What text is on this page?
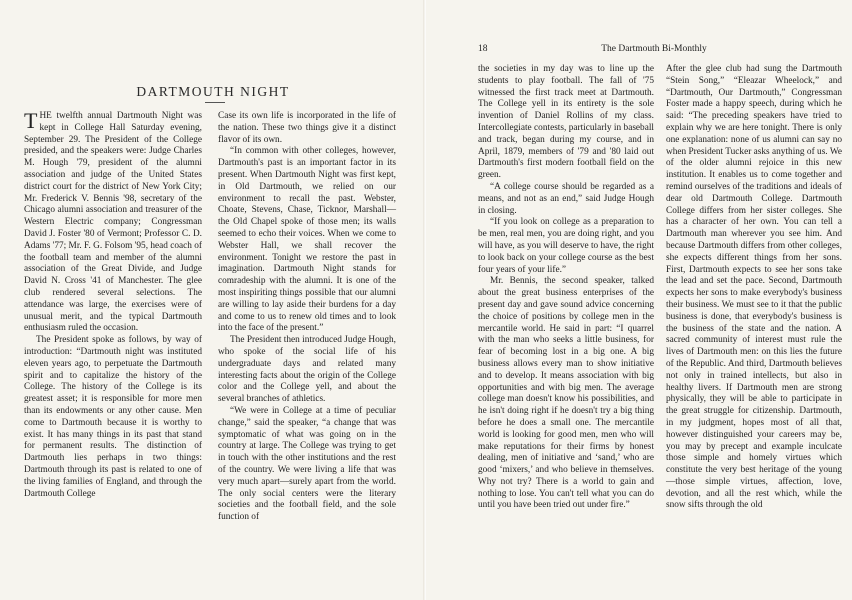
DARTMOUTH NIGHT

THE twelfth annual Dartmouth Night was kept in College Hall Saturday evening, September 29. The President of the College presided, and the speakers were: Judge Charles M. Hough '79, president of the alumni association and judge of the United States district court for the district of New York City; Mr. Frederick V. Bennis '98, secretary of the Chicago alumni association and treasurer of the Western Electric company; Congressman David J. Foster '80 of Vermont; Professor C. D. Adams '77; Mr. F. G. Folsom '95, head coach of the football team and member of the alumni association of the Great Divide, and Judge David N. Cross '41 of Manchester. The glee club rendered several selections. The attendance was large, the exercises were of unusual merit, and the typical Dartmouth enthusiasm ruled the occasion.

The President spoke as follows, by way of introduction: “Dartmouth night was instituted eleven years ago, to perpetuate the Dartmouth spirit and to capitalize the history of the College. The history of the College is its greatest asset; it is responsible for more men than its endowments or any other cause. Men come to Dartmouth because it is worthy to exist. It has many things in its past that stand for permanent results. The distinction of Dartmouth lies perhaps in two things: Dartmouth through its past is related to one of the living families of England, and through the Dartmouth College

Case its own life is incorporated in the life of the nation. These two things give it a distinct flavor of its own.

“In common with other colleges, however, Dartmouth's past is an important factor in its present. When Dartmouth Night was first kept, in Old Dartmouth, we relied on our environment to recall the past. Webster, Choate, Stevens, Chase, Ticknor, Marshall—the Old Chapel spoke of those men; its walls seemed to echo their voices. When we come to Webster Hall, we shall recover the environment. Tonight we restore the past in imagination. Dartmouth Night stands for comradeship with the alumni. It is one of the most inspiriting things possible that our alumni are willing to lay aside their burdens for a day and come to us to renew old times and to look into the face of the present.”

The President then introduced Judge Hough, who spoke of the social life of his undergraduate days and related many interesting facts about the origin of the College color and the College yell, and about the several branches of athletics.

“We were in College at a time of peculiar change,” said the speaker, “a change that was symptomatic of what was going on in the country at large. The College was trying to get in touch with the other institutions and the rest of the country. We were living a life that was very much apart—surely apart from the world. The only social centers were the literary societies and the football field, and the sole function of

18	The Dartmouth Bi-Monthly

the societies in my day was to line up the students to play football. The fall of '75 witnessed the first track meet at Dartmouth. The College yell in its entirety is the sole invention of Daniel Rollins of my class. Intercollegiate contests, particularly in baseball and track, began during my course, and in April, 1879, members of '79 and '80 laid out Dartmouth's first modern football field on the green.

“A college course should be regarded as a means, and not as an end,” said Judge Hough in closing.

“If you look on college as a preparation to be men, real men, you are doing right, and you will have, as you will deserve to have, the right to look back on your college course as the best four years of your life.”

Mr. Bennis, the second speaker, talked about the great business enterprises of the present day and gave sound advice concerning the choice of positions by college men in the mercantile world. He said in part: “I quarrel with the man who seeks a little business, for fear of becoming lost in a big one. A big business allows every man to show initiative and to develop. It means association with big opportunities and with big men. The average college man doesn't know his possibilities, and he isn't doing right if he doesn't try a big thing before he does a small one. The mercantile world is looking for good men, men who will make reputations for their firms by honest dealing, men of initiative and ‘sand,’ who are good ‘mixers,’ and who believe in themselves. Why not try? There is a world to gain and nothing to lose. You can't tell what you can do until you have been tried out under fire.”

After the glee club had sung the Dartmouth “Stein Song,” “Eleazar Wheelock,” and “Dartmouth, Our Dartmouth,” Congressman Foster made a happy speech, during which he said: “The preceding speakers have tried to explain why we are here tonight. There is only one explanation: none of us alumni can say no when President Tucker asks anything of us. We of the older alumni rejoice in this new institution. It enables us to come together and remind ourselves of the traditions and ideals of dear old Dartmouth College. Dartmouth College differs from her sister colleges. She has a character of her own. You can tell a Dartmouth man wherever you see him. And because Dartmouth differs from other colleges, she expects different things from her sons. First, Dartmouth expects to see her sons take the lead and set the pace. Second, Dartmouth expects her sons to make everybody's business their business. We must see to it that the public business is done, that everybody's business is the business of the state and the nation. A sacred community of interest must rule the lives of Dartmouth men: on this lies the future of the Republic. And third, Dartmouth believes not only in trained intellects, but also in healthy livers. If Dartmouth men are strong physically, they will be able to participate in the great struggle for citizenship. Dartmouth, in my judgment, hopes most of all that, however distinguished your careers may be, you may by precept and example inculcate those simple and homely virtues which constitute the very best heritage of the young—those simple virtues, affection, love, devotion, and all the rest which, while the snow sifts through the old
